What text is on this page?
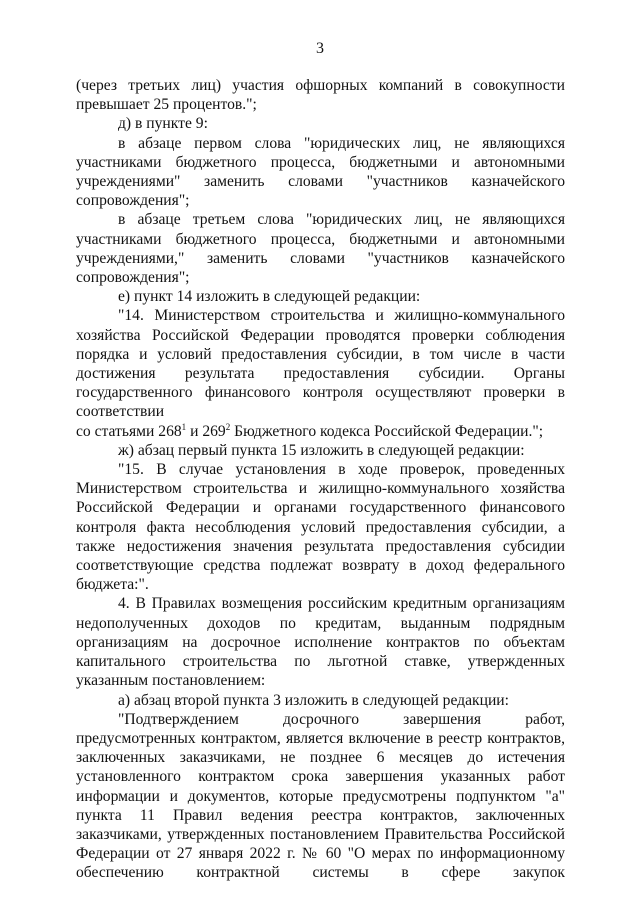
3

(через третьих лиц) участия офшорных компаний в совокупности превышает 25 процентов.";

д) в пункте 9:

в абзаце первом слова "юридических лиц, не являющихся участниками бюджетного процесса, бюджетными и автономными учреждениями" заменить словами "участников казначейского сопровождения";

в абзаце третьем слова "юридических лиц, не являющихся участниками бюджетного процесса, бюджетными и автономными учреждениями," заменить словами "участников казначейского сопровождения";

е) пункт 14 изложить в следующей редакции:

"14. Министерством строительства и жилищно-коммунального хозяйства Российской Федерации проводятся проверки соблюдения порядка и условий предоставления субсидии, в том числе в части достижения результата предоставления субсидии. Органы государственного финансового контроля осуществляют проверки в соответствии

со статьями $268^1$ и $269^2$ Бюджетного кодекса Российской Федерации.";

ж) абзац первый пункта 15 изложить в следующей редакции:

"15. В случае установления в ходе проверок, проведенных Министерством строительства и жилищно-коммунального хозяйства Российской Федерации и органами государственного финансового контроля факта несоблюдения условий предоставления субсидии, а также недостижения значения результата предоставления субсидии соответствующие средства подлежат возврату в доход федерального бюджета:".

4. В Правилах возмещения российским кредитным организациям недополученных доходов по кредитам, выданным подрядным организациям на досрочное исполнение контрактов по объектам капитального строительства по льготной ставке, утвержденных указанным постановлением:

а) абзац второй пункта 3 изложить в следующей редакции:

"Подтверждением досрочного завершения работ, предусмотренных контрактом, является включение в реестр контрактов, заключенных заказчиками, не позднее 6 месяцев до истечения установленного контрактом срока завершения указанных работ информации и документов, которые предусмотрены подпунктом "а" пункта 11 Правил ведения реестра контрактов, заключенных заказчиками, утвержденных постановлением Правительства Российской Федерации от 27 января 2022 г. № 60 "О мерах по информационному обеспечению контрактной системы в сфере закупок
